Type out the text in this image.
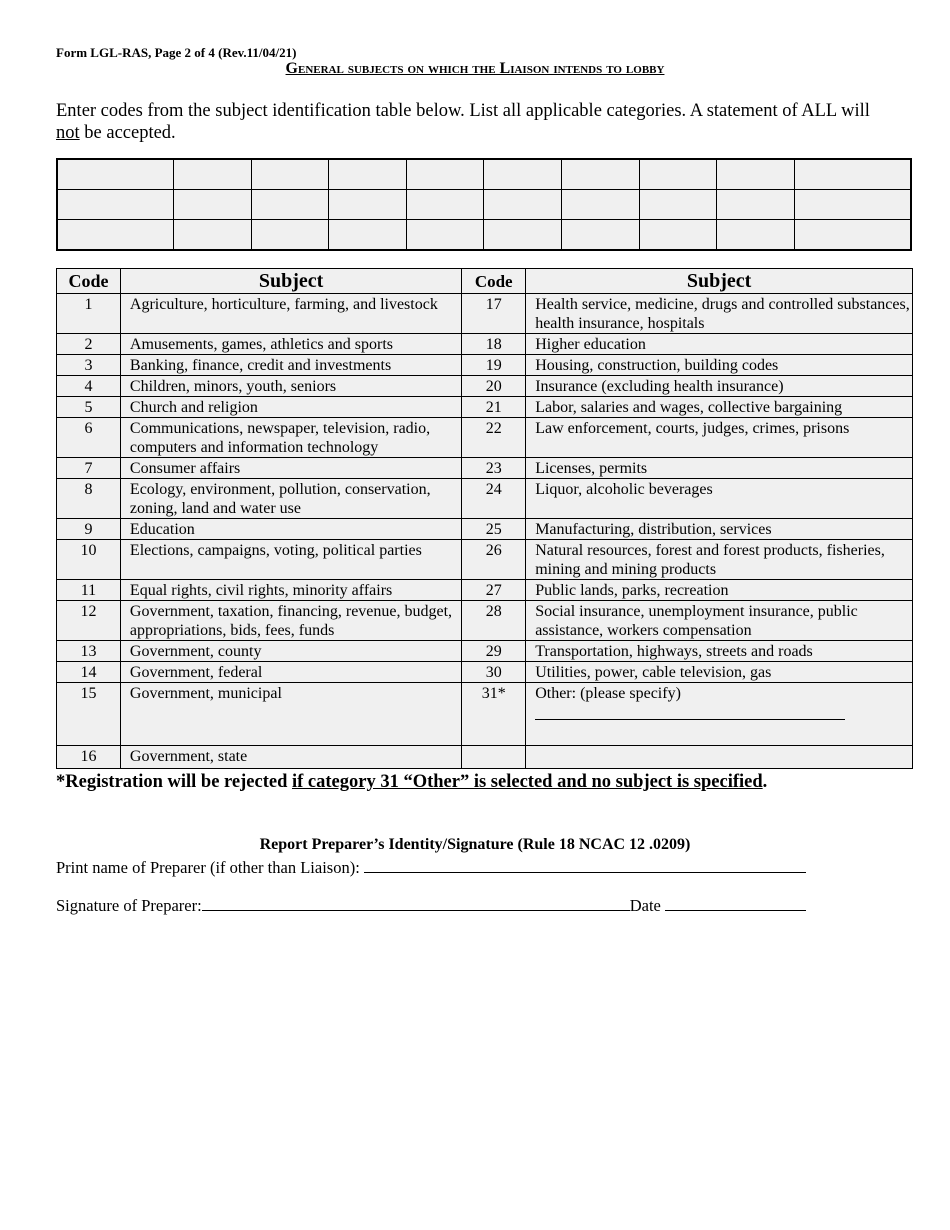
Form LGL-RAS, Page 2 of 4 (Rev.11/04/21)
General subjects on which the Liaison intends to lobby
Enter codes from the subject identification table below. List all applicable categories. A statement of ALL will not be accepted.

Code	Subject	Code	Subject
1	Agriculture, horticulture, farming, and livestock	17	Health service, medicine, drugs and controlled substances, health insurance, hospitals
2	Amusements, games, athletics and sports	18	Higher education
3	Banking, finance, credit and investments	19	Housing, construction, building codes
4	Children, minors, youth, seniors	20	Insurance (excluding health insurance)
5	Church and religion	21	Labor, salaries and wages, collective bargaining
6	Communications, newspaper, television, radio, computers and information technology	22	Law enforcement, courts, judges, crimes, prisons
7	Consumer affairs	23	Licenses, permits
8	Ecology, environment, pollution, conservation, zoning, land and water use	24	Liquor, alcoholic beverages
9	Education	25	Manufacturing, distribution, services
10	Elections, campaigns, voting, political parties	26	Natural resources, forest and forest products, fisheries, mining and mining products
11	Equal rights, civil rights, minority affairs	27	Public lands, parks, recreation
12	Government, taxation, financing, revenue, budget, appropriations, bids, fees, funds	28	Social insurance, unemployment insurance, public assistance, workers compensation
13	Government, county	29	Transportation, highways, streets and roads
14	Government, federal	30	Utilities, power, cable television, gas
15	Government, municipal	31*	Other: (please specify)
16	Government, state		
*Registration will be rejected if category 31 “Other” is selected and no subject is specified.
Report Preparer’s Identity/Signature (Rule 18 NCAC 12 .0209)
Print name of Preparer (if other than Liaison):
Signature of Preparer:	Date
